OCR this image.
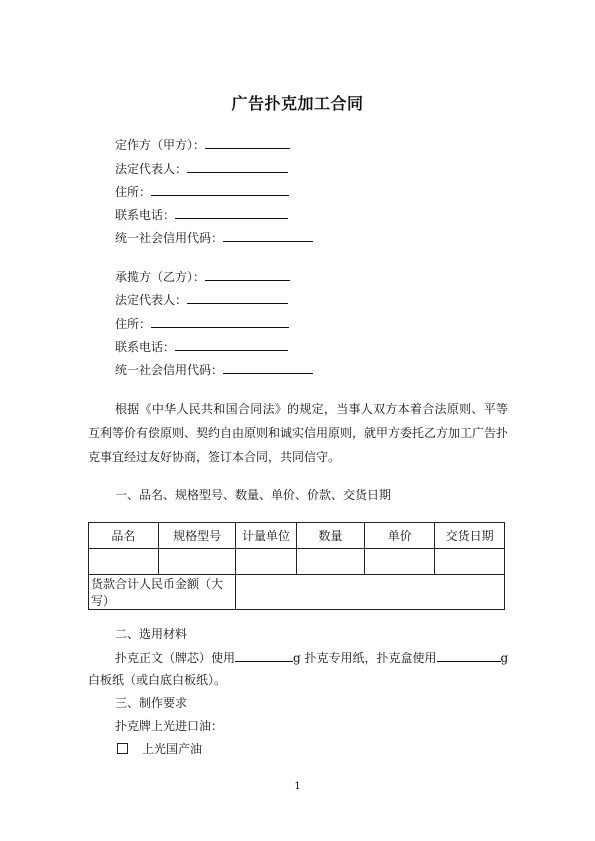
广告扑克加工合同
定作方（甲方）：
法定代表人：
住所：
联系电话：
统一社会信用代码：
承揽方（乙方）：
法定代表人：
住所：
联系电话：
统一社会信用代码：
根据《中华人民共和国合同法》的规定，当事人双方本着合法原则、平等互利等价有偿原则、契约自由原则和诚实信用原则，就甲方委托乙方加工广告扑克事宜经过友好协商，签订本合同，共同信守。
一、品名、规格型号、数量、单价、价款、交货日期
品名	规格型号	计量单位	数量	单价	交货日期

货款合计人民币金额（大写）					
二、选用材料
扑克正文（牌芯）使用	g 扑克专用纸，扑克盒使用	g
白板纸（或白底白板纸）。
三、制作要求
扑克牌上光进口油：
上光国产油
1
